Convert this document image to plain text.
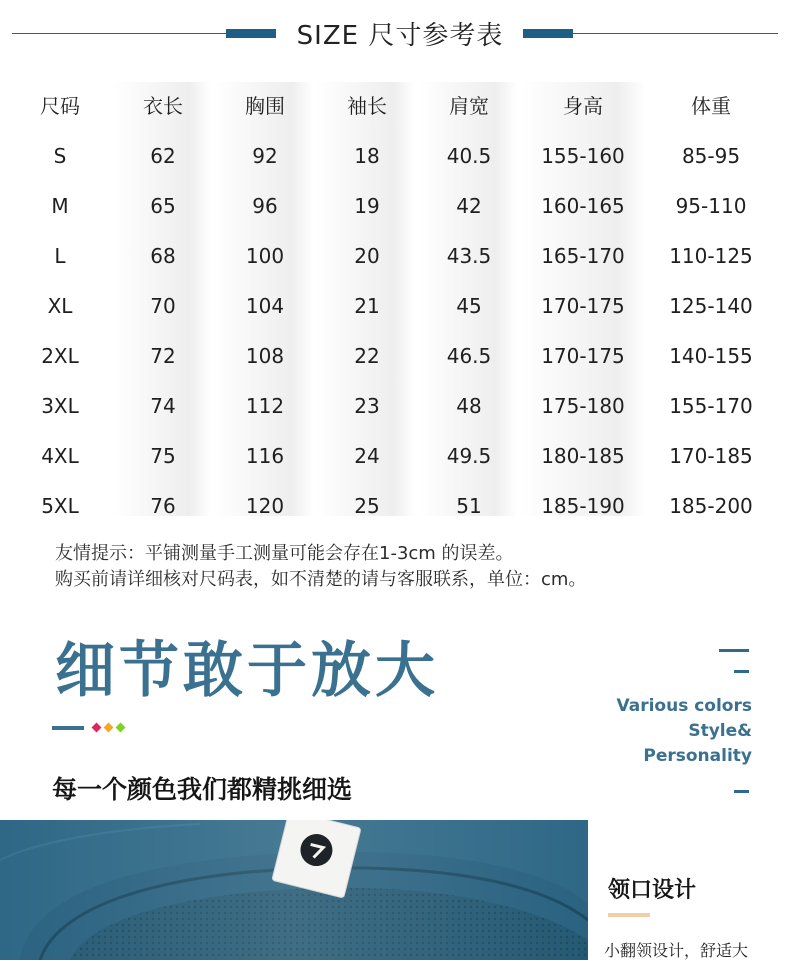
SIZE 尺寸参考表
尺码	衣长	胸围	袖长	肩宽	身高	体重
S	62	92	18	40.5	155-160	85-95
M	65	96	19	42	160-165	95-110
L	68	100	20	43.5	165-170	110-125
XL	70	104	21	45	170-175	125-140
2XL	72	108	22	46.5	170-175	140-155
3XL	74	112	23	48	175-180	155-170
4XL	75	116	24	49.5	180-185	170-185
5XL	76	120	25	51	185-190	185-200
友情提示：平铺测量手工测量可能会存在1-3cm 的误差。
购买前请详细核对尺码表，如不清楚的请与客服联系，单位：cm。
细节敢于放大	Various colors
Style&
Personality
每一个颜色我们都精挑细选
领口设计
小翻领设计，舒适大
